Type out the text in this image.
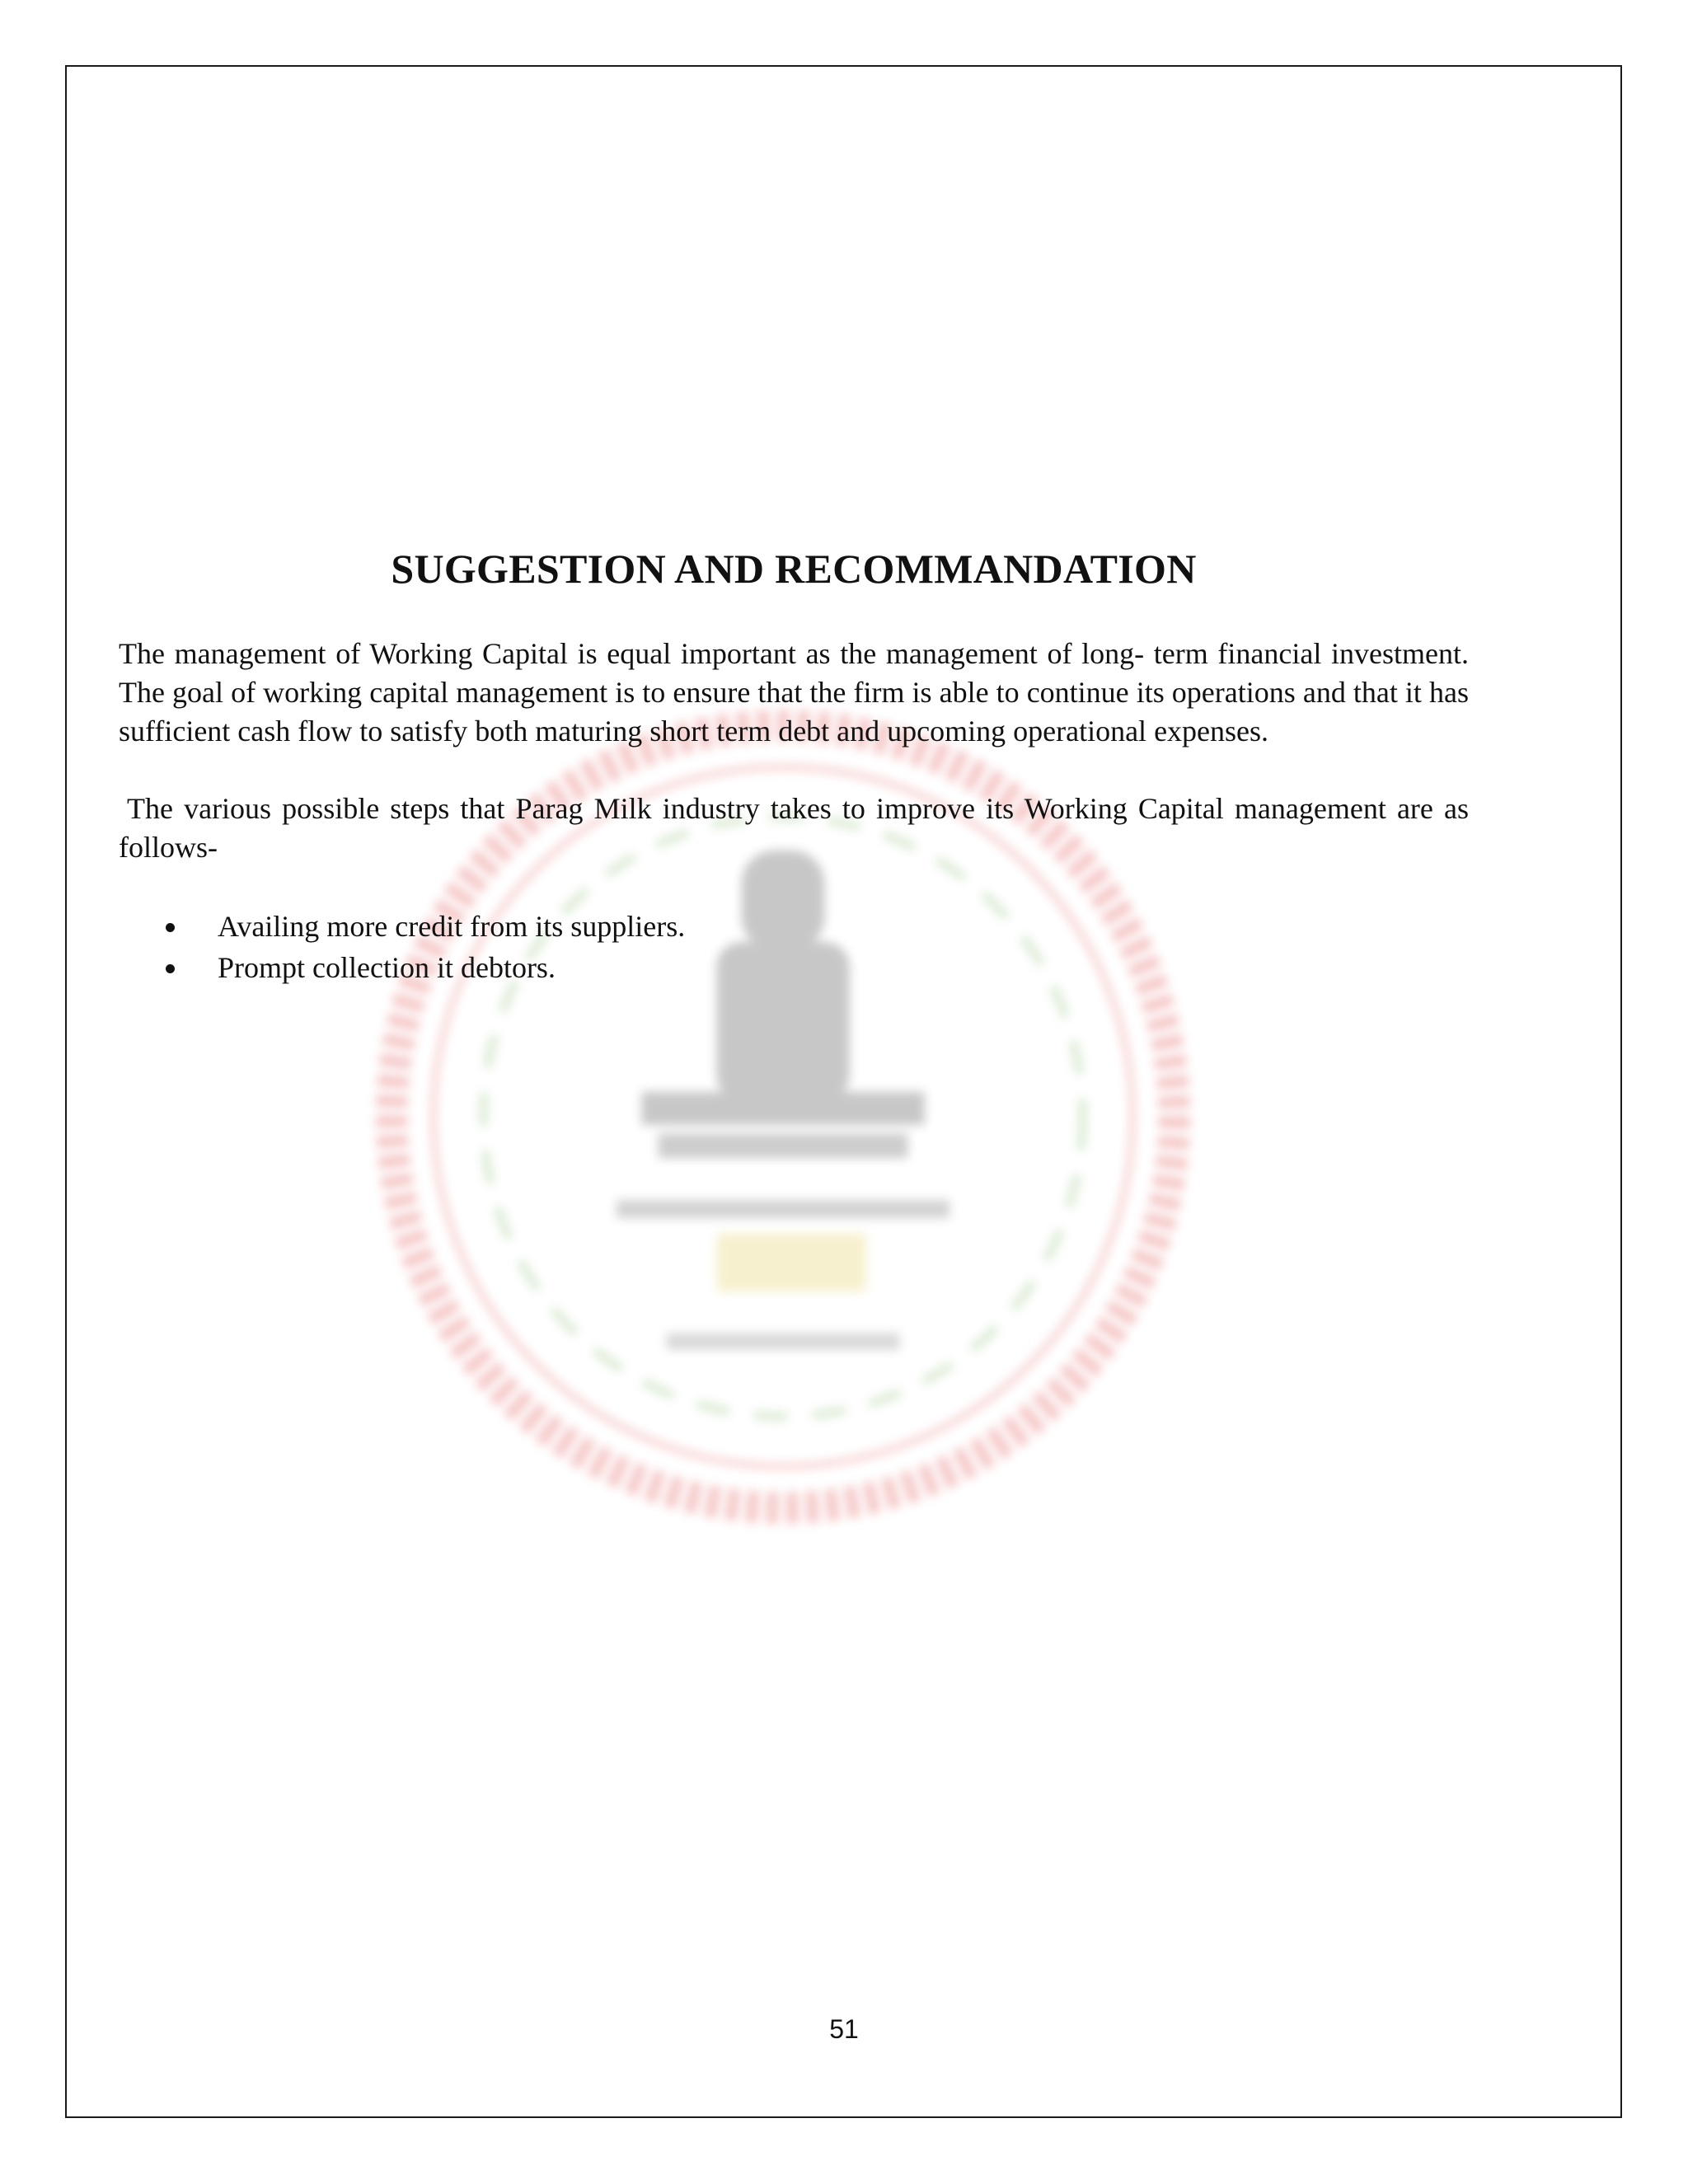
SUGGESTION AND RECOMMANDATION

The management of Working Capital is equal important as the management of long- term financial investment. The goal of working capital management is to ensure that the firm is able to continue its operations and that it has sufficient cash flow to satisfy both maturing short term debt and upcoming operational expenses.

The various possible steps that Parag Milk industry takes to improve its Working Capital management are as follows-

Availing more credit from its suppliers.
Prompt collection it debtors.
51
